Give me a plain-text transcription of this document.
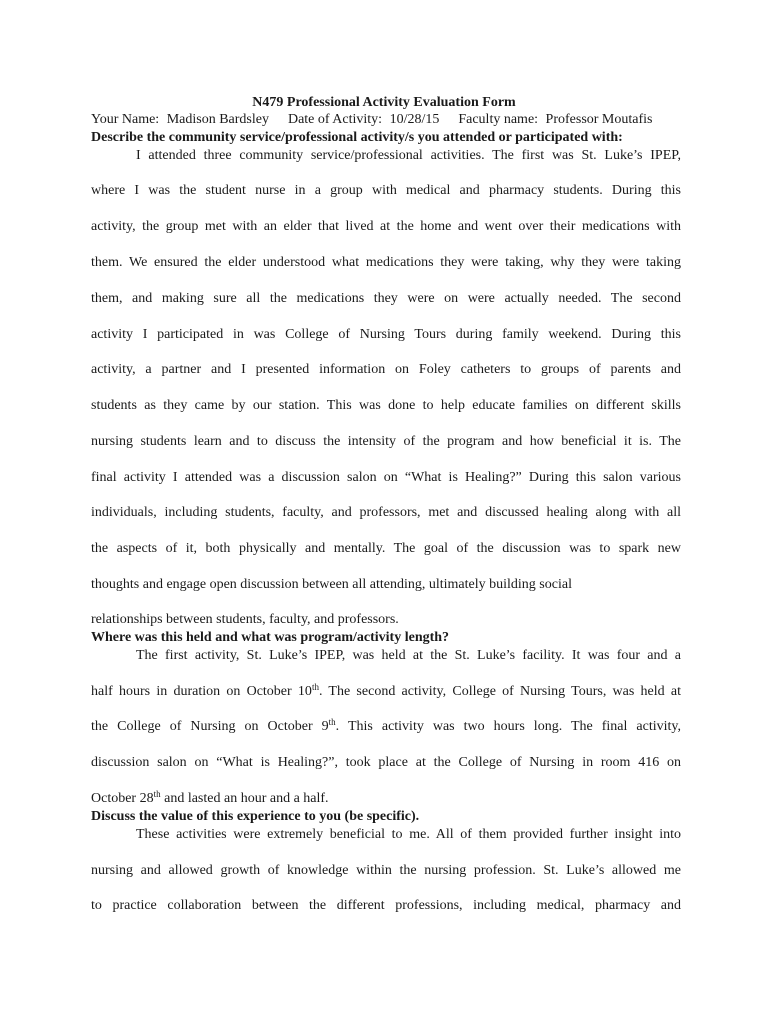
N479 Professional Activity Evaluation Form
Your Name: Madison Bardsley Date of Activity: 10/28/15 Faculty name: Professor Moutafis
Describe the community service/professional activity/s you attended or participated with:
I attended three community service/professional activities. The first was St. Luke’s IPEP,
where I was the student nurse in a group with medical and pharmacy students. During this
activity, the group met with an elder that lived at the home and went over their medications with
them. We ensured the elder understood what medications they were taking, why they were taking
them, and making sure all the medications they were on were actually needed. The second
activity I participated in was College of Nursing Tours during family weekend. During this
activity, a partner and I presented information on Foley catheters to groups of parents and
students as they came by our station. This was done to help educate families on different skills
nursing students learn and to discuss the intensity of the program and how beneficial it is. The
final activity I attended was a discussion salon on “What is Healing?” During this salon various
individuals, including students, faculty, and professors, met and discussed healing along with all
the aspects of it, both physically and mentally. The goal of the discussion was to spark new
thoughts and engage open discussion between all attending, ultimately building social
relationships between students, faculty, and professors.
Where was this held and what was program/activity length?
The first activity, St. Luke’s IPEP, was held at the St. Luke’s facility. It was four and a
half hours in duration on October 10th. The second activity, College of Nursing Tours, was held at
the College of Nursing on October 9th. This activity was two hours long. The final activity,
discussion salon on “What is Healing?”, took place at the College of Nursing in room 416 on
October 28th and lasted an hour and a half.
Discuss the value of this experience to you (be specific).
These activities were extremely beneficial to me. All of them provided further insight into
nursing and allowed growth of knowledge within the nursing profession. St. Luke’s allowed me
to practice collaboration between the different professions, including medical, pharmacy and
